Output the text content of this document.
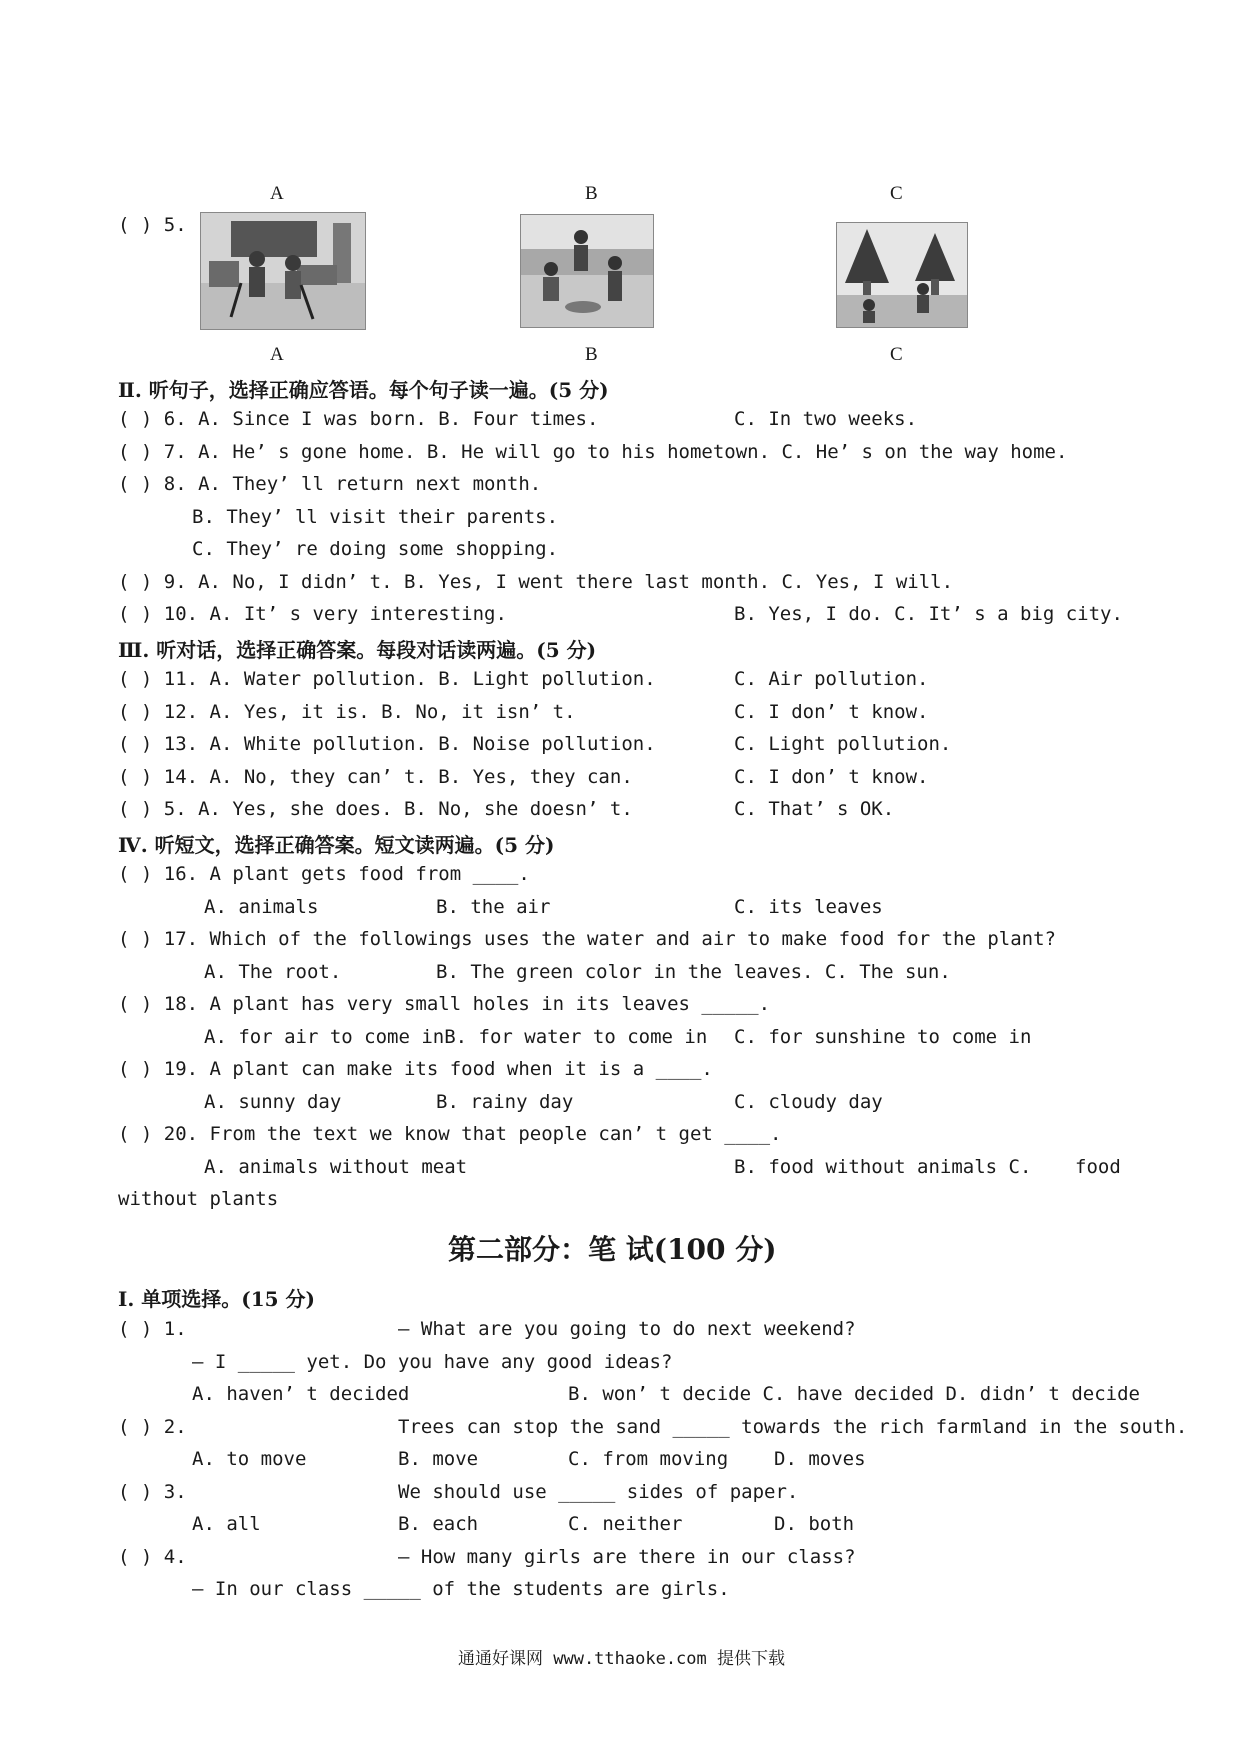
A	B	C
( ) 5.
A	B	C
Ⅱ. 听句子，选择正确应答语。每个句子读一遍。(5 分)
( ) 6. A. Since I was born. B. Four times.	C. In two weeks.
( ) 7. A. He’ s gone home. B. He will go to his hometown. C. He’ s on the way home.
( ) 8. A. They’ ll return next month.
B. They’ ll visit their parents.
C. They’ re doing some shopping.
( ) 9. A. No, I didn’ t. B. Yes, I went there last month. C. Yes, I will.
( ) 10. A. It’ s very interesting.	B. Yes, I do. C. It’ s a big city.
Ⅲ. 听对话，选择正确答案。每段对话读两遍。(5 分)
( ) 11. A. Water pollution. B. Light pollution.	C. Air pollution.
( ) 12. A. Yes, it is. B. No, it isn’ t.	C. I don’ t know.
( ) 13. A. White pollution. B. Noise pollution.	C. Light pollution.
( ) 14. A. No, they can’ t. B. Yes, they can.	C. I don’ t know.
( ) 5. A. Yes, she does. B. No, she doesn’ t.	C. That’ s OK.
Ⅳ. 听短文，选择正确答案。短文读两遍。(5 分)
( ) 16. A plant gets food from ____.
A. animals	B. the air	C. its leaves
( ) 17. Which of the followings uses the water and air to make food for the plant?
A. The root.	B. The green color in the leaves. C. The sun.
( ) 18. A plant has very small holes in its leaves _____.
A. for air to come inB. for water to come in C. for sunshine to come in
( ) 19. A plant can make its food when it is a ____.
A. sunny day	B. rainy day	C. cloudy day
( ) 20. From the text we know that people can’ t get ____.
A. animals without meat	B. food without animals C. food
without plants
第二部分：笔 试(100 分)
Ⅰ. 单项选择。(15 分)
( ) 1.	— What are you going to do next weekend?
— I _____ yet. Do you have any good ideas?
A. haven’ t decided	B. won’ t decide C. have decided D. didn’ t decide
( ) 2.	Trees can stop the sand _____ towards the rich farmland in the south.
A. to move	B. move	C. from moving D. moves
( ) 3.	We should use _____ sides of paper.
A. all	B. each	C. neither	D. both
( ) 4.	— How many girls are there in our class?
— In our class _____ of the students are girls.
通通好课网 www.tthaoke.com 提供下载
